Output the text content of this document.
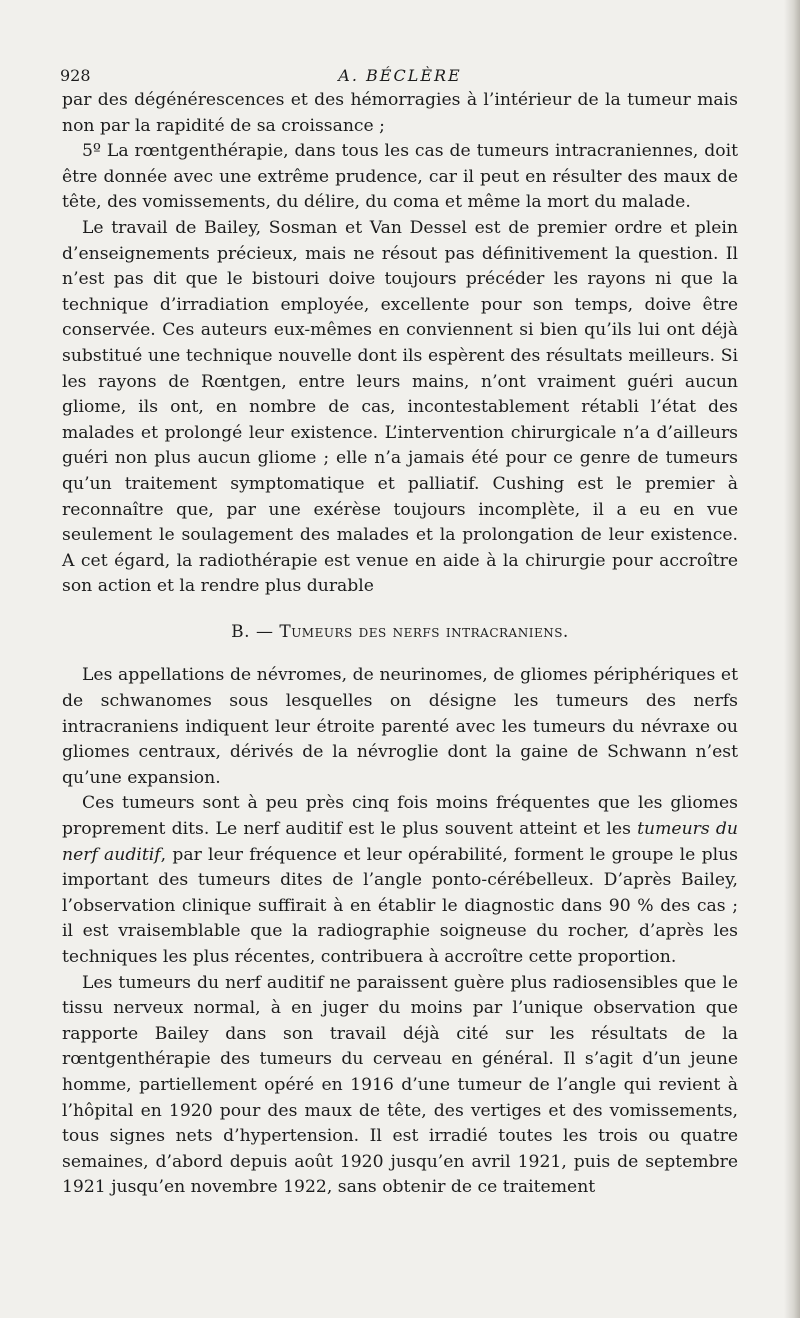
928	A. BÉCLÈRE

par des dégénérescences et des hémorragies à l’intérieur de la tumeur mais non par la rapidité de sa croissance ;

5º La rœntgenthérapie, dans tous les cas de tumeurs intracraniennes, doit être donnée avec une extrême prudence, car il peut en résulter des maux de tête, des vomissements, du délire, du coma et même la mort du malade.

Le travail de Bailey, Sosman et Van Dessel est de premier ordre et plein d’enseignements précieux, mais ne résout pas définitivement la question. Il n’est pas dit que le bistouri doive toujours précéder les rayons ni que la technique d’irradiation employée, excellente pour son temps, doive être conservée. Ces auteurs eux-mêmes en conviennent si bien qu’ils lui ont déjà substitué une technique nouvelle dont ils espèrent des résultats meilleurs. Si les rayons de Rœntgen, entre leurs mains, n’ont vraiment guéri aucun gliome, ils ont, en nombre de cas, incontestablement rétabli l’état des malades et prolongé leur existence. L’intervention chirurgicale n’a d’ailleurs guéri non plus aucun gliome ; elle n’a jamais été pour ce genre de tumeurs qu’un traitement symptomatique et palliatif. Cushing est le premier à reconnaître que, par une exérèse toujours incomplète, il a eu en vue seulement le soulagement des malades et la prolongation de leur existence. A cet égard, la radiothérapie est venue en aide à la chirurgie pour accroître son action et la rendre plus durable

B. — Tumeurs des nerfs intracraniens.

Les appellations de névromes, de neurinomes, de gliomes périphériques et de schwanomes sous lesquelles on désigne les tumeurs des nerfs intracraniens indiquent leur étroite parenté avec les tumeurs du névraxe ou gliomes centraux, dérivés de la névroglie dont la gaine de Schwann n’est qu’une expansion.

Ces tumeurs sont à peu près cinq fois moins fréquentes que les gliomes proprement dits. Le nerf auditif est le plus souvent atteint et les tumeurs du nerf auditif, par leur fréquence et leur opérabilité, forment le groupe le plus important des tumeurs dites de l’angle ponto-cérébelleux. D’après Bailey, l’observation clinique suffirait à en établir le diagnostic dans 90 % des cas ; il est vraisemblable que la radiographie soigneuse du rocher, d’après les techniques les plus récentes, contribuera à accroître cette proportion.

Les tumeurs du nerf auditif ne paraissent guère plus radiosensibles que le tissu nerveux normal, à en juger du moins par l’unique observation que rapporte Bailey dans son travail déjà cité sur les résultats de la rœntgenthérapie des tumeurs du cerveau en général. Il s’agit d’un jeune homme, partiellement opéré en 1916 d’une tumeur de l’angle qui revient à l’hôpital en 1920 pour des maux de tête, des vertiges et des vomissements, tous signes nets d’hypertension. Il est irradié toutes les trois ou quatre semaines, d’abord depuis août 1920 jusqu’en avril 1921, puis de septembre 1921 jusqu’en novembre 1922, sans obtenir de ce traitement
